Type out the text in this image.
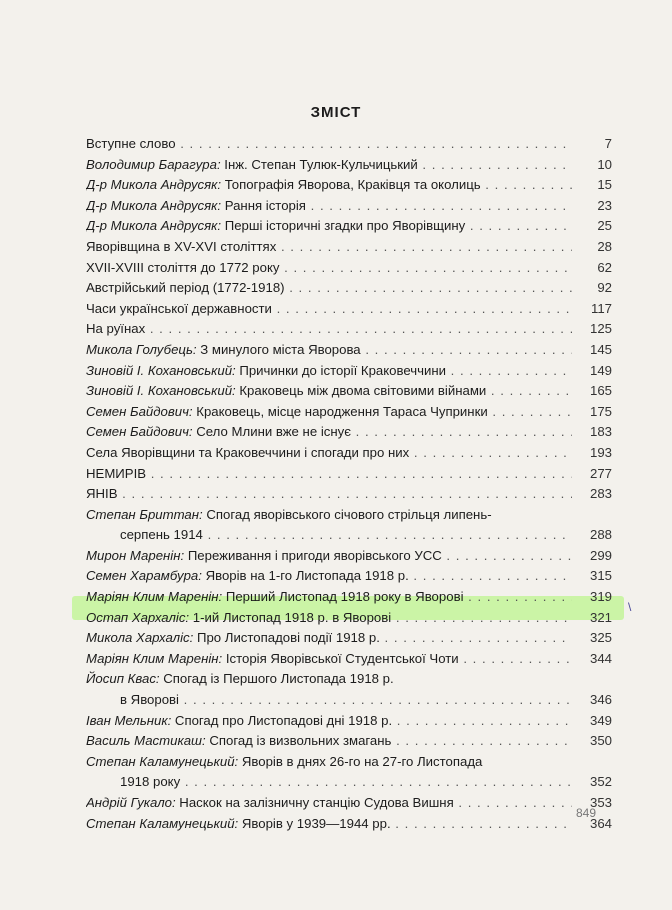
\
ЗМІСТ
Вступне слово . . .	7
Володимир Барагура: Інж. Степан Тулюк-Кульчицький . . .	10
Д-р Микола Андрусяк: Топографія Яворова, Краківця та околиць . . .	15
Д-р Микола Андрусяк: Рання історія . . .	23
Д-р Микола Андрусяк: Перші історичні згадки про Яворівщину . . .	25
Яворівщина в XV-XVI століттях . . .	28
XVII-XVIII століття до 1772 року . . .	62
Австрійський період (1772-1918) . . .	92
Часи української державности . . .	117
На руїнах . . .	125
Микола Голубець: З минулого міста Яворова . . .	145
Зиновій І. Кохановський: Причинки до історії Краковеччини . . .	149
Зиновій І. Кохановський: Краковець між двома світовими війнами . . .	165
Семен Байдович: Краковець, місце народження Тараса Чупринки . . .	175
Семен Байдович: Село Млини вже не існує . . .	183
Села Яворівщини та Краковеччини і спогади про них . . .	193
НЕМИРІВ . . .	277
ЯНІВ . . .	283
Степан Бриттан: Спогад яворівського січового стрільця липень-
серпень 1914 . . .	288
Мирон Маренін: Переживання і пригоди яворівського УСС . . .	299
Семен Харамбура: Яворів на 1-го Листопада 1918 р. . . .	315
Маріян Клим Маренін: Перший Листопад 1918 року в Яворові . . .	319
Остап Хархаліс: 1-ий Листопад 1918 р. в Яворові . . .	321
Микола Хархаліс: Про Листопадові події 1918 р. . . .	325
Маріян Клим Маренін: Історія Яворівської Студентської Чоти . . .	344
Йосип Квас: Спогад із Першого Листопада 1918 р.
в Яворові . . .	346
Іван Мельник: Спогад про Листопадові дні 1918 р. . . .	349
Василь Мастикаш: Спогад із визвольних змагань . . .	350
Степан Каламунецький: Яворів в днях 26-го на 27-го Листопада
1918 року . . .	352
Андрій Гукало: Наскок на залізничну станцію Судова Вишня . . .	353
Степан Каламунецький: Яворів у 1939—1944 рр. . . .	364
849
